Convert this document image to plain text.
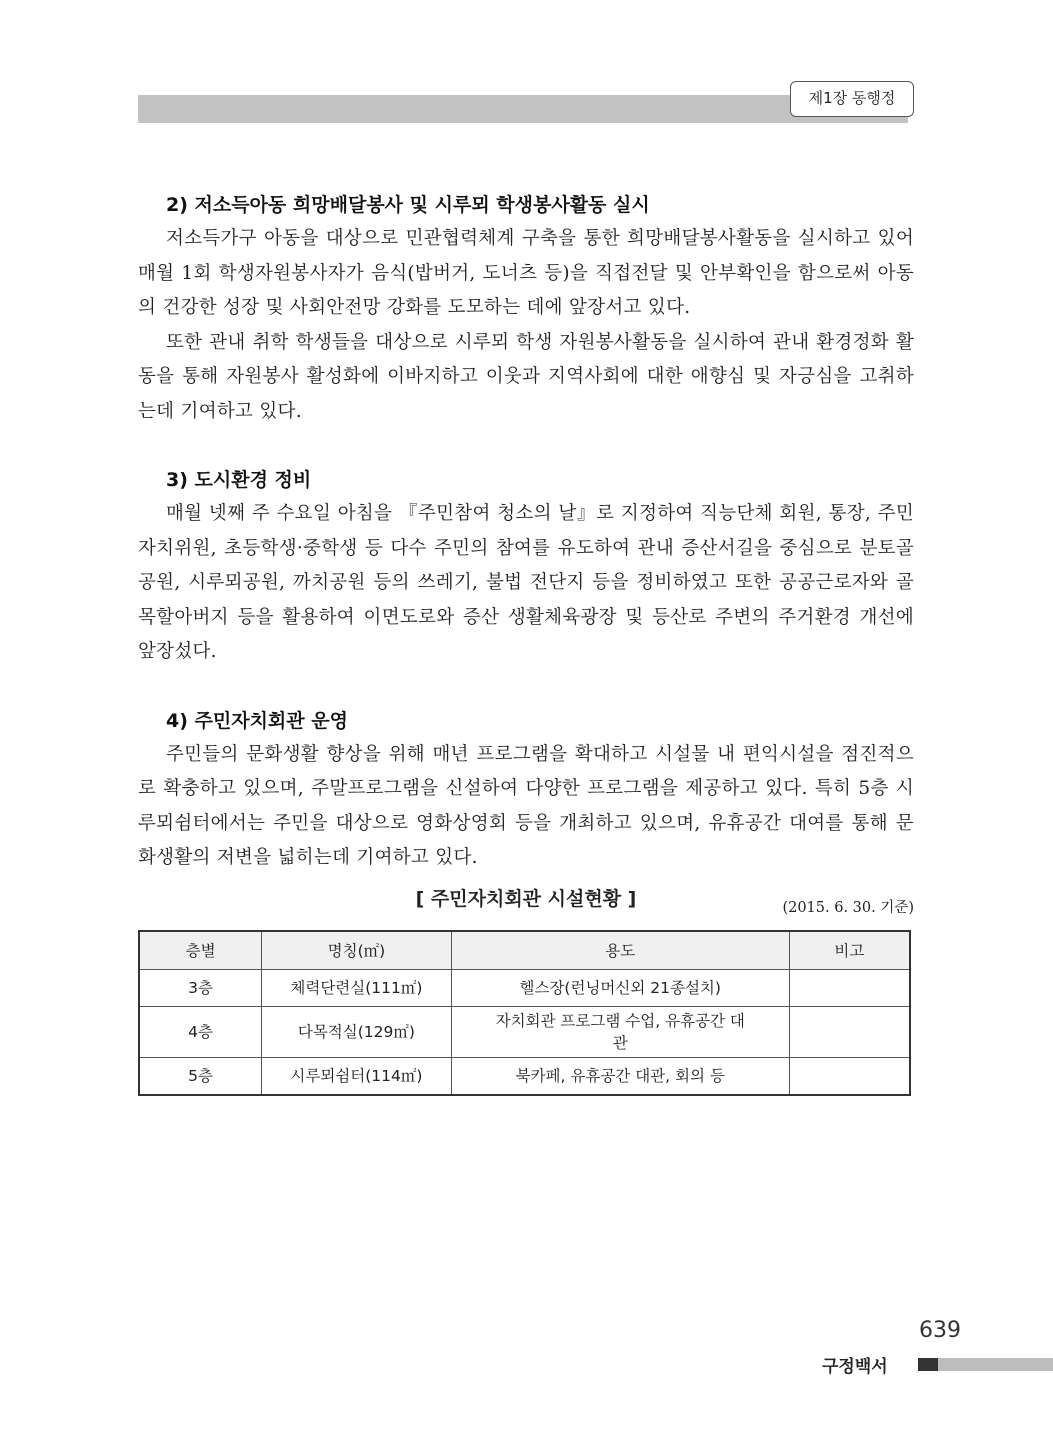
제1장 동행정
2) 저소득아동 희망배달봉사 및 시루뫼 학생봉사활동 실시

저소득가구 아동을 대상으로 민관협력체계 구축을 통한 희망배달봉사활동을 실시하고 있어 매월 1회 학생자원봉사자가 음식(밥버거, 도너츠 등)을 직접전달 및 안부확인을 함으로써 아동의 건강한 성장 및 사회안전망 강화를 도모하는 데에 앞장서고 있다.

또한 관내 취학 학생들을 대상으로 시루뫼 학생 자원봉사활동을 실시하여 관내 환경정화 활동을 통해 자원봉사 활성화에 이바지하고 이웃과 지역사회에 대한 애향심 및 자긍심을 고취하는데 기여하고 있다.

3) 도시환경 정비

매월 넷째 주 수요일 아침을 『주민참여 청소의 날』로 지정하여 직능단체 회원, 통장, 주민자치위원, 초등학생·중학생 등 다수 주민의 참여를 유도하여 관내 증산서길을 중심으로 분토골공원, 시루뫼공원, 까치공원 등의 쓰레기, 불법 전단지 등을 정비하였고 또한 공공근로자와 골목할아버지 등을 활용하여 이면도로와 증산 생활체육광장 및 등산로 주변의 주거환경 개선에 앞장섰다.

4) 주민자치회관 운영

주민들의 문화생활 향상을 위해 매년 프로그램을 확대하고 시설물 내 편익시설을 점진적으로 확충하고 있으며, 주말프로그램을 신설하여 다양한 프로그램을 제공하고 있다. 특히 5층 시루뫼쉼터에서는 주민을 대상으로 영화상영회 등을 개최하고 있으며, 유휴공간 대여를 통해 문화생활의 저변을 넓히는데 기여하고 있다.

[ 주민자치회관 시설현황 ]	(2015. 6. 30. 기준)
층별	명칭(㎡)	용도	비고
3층	체력단련실(111㎡)	헬스장(런닝머신외 21종설치)	
4층	다목적실(129㎡)	자치회관 프로그램 수업, 유휴공간 대관	
5층	시루뫼쉼터(114㎡)	북카페, 유휴공간 대관, 회의 등	
639
구정백서
